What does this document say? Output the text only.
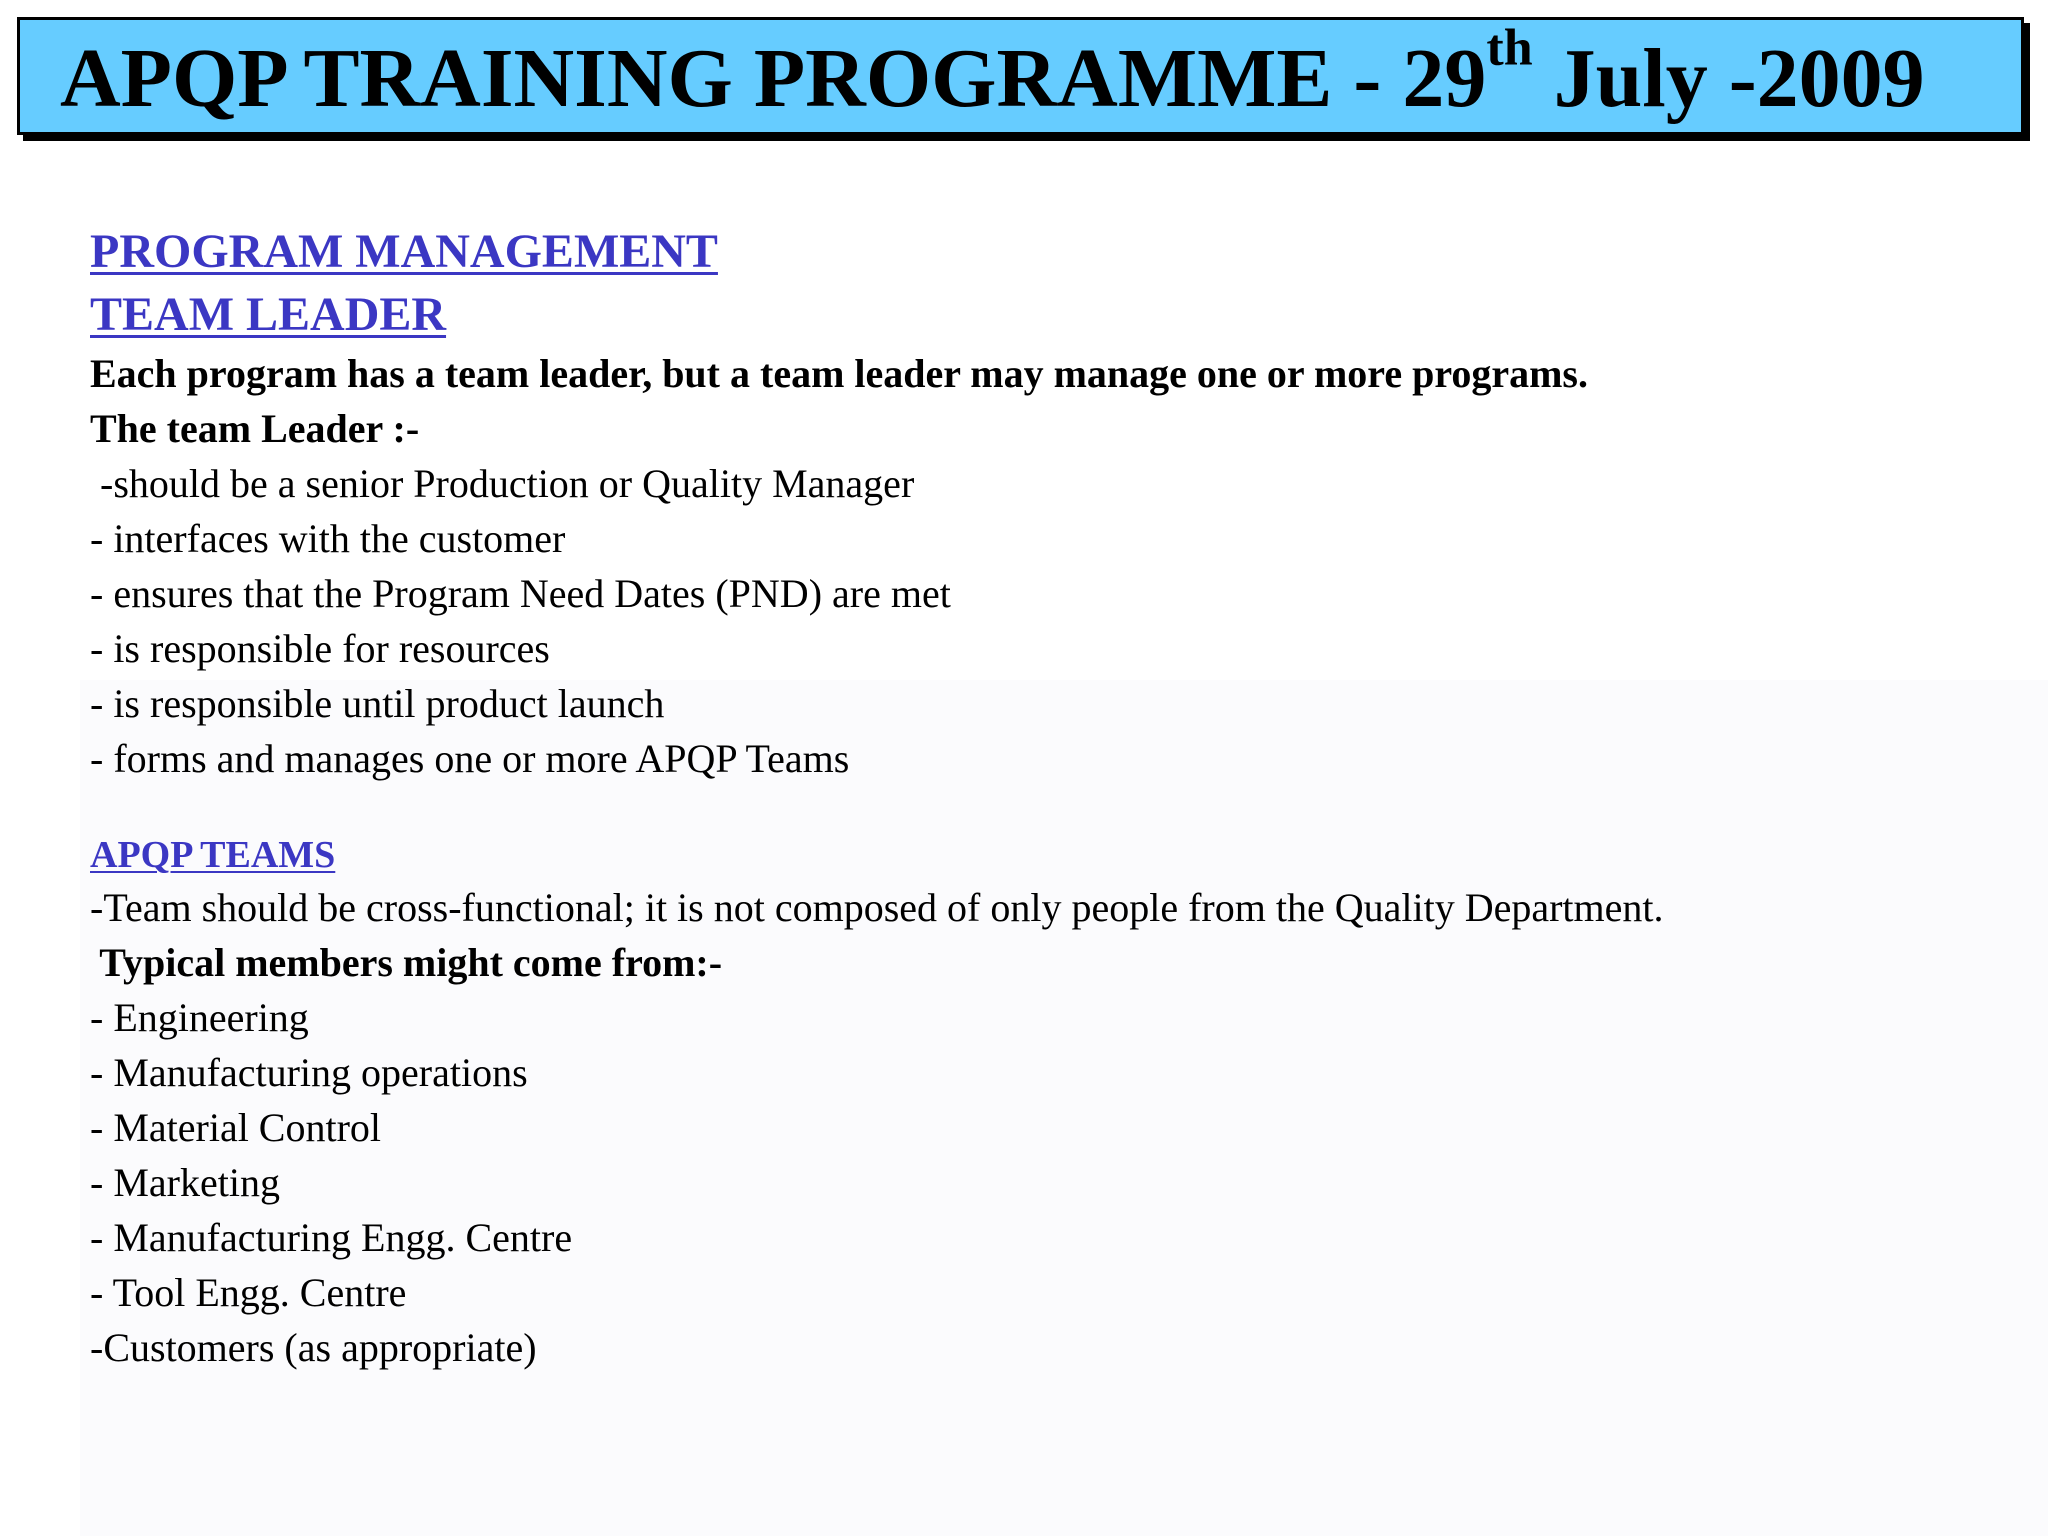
APQP TRAINING PROGRAMME - 29th July -2009
PROGRAM MANAGEMENT
TEAM LEADER
Each program has a team leader, but a team leader may manage one or more programs.
The team Leader :-
-should be a senior Production or Quality Manager
- interfaces with the customer
- ensures that the Program Need Dates (PND) are met
- is responsible for resources
- is responsible until product launch
- forms and manages one or more APQP Teams
APQP TEAMS
-Team should be cross-functional; it is not composed of only people from the Quality Department.
Typical members might come from:-
- Engineering
- Manufacturing operations
- Material Control
- Marketing
- Manufacturing Engg. Centre
- Tool Engg. Centre
-Customers (as appropriate)
